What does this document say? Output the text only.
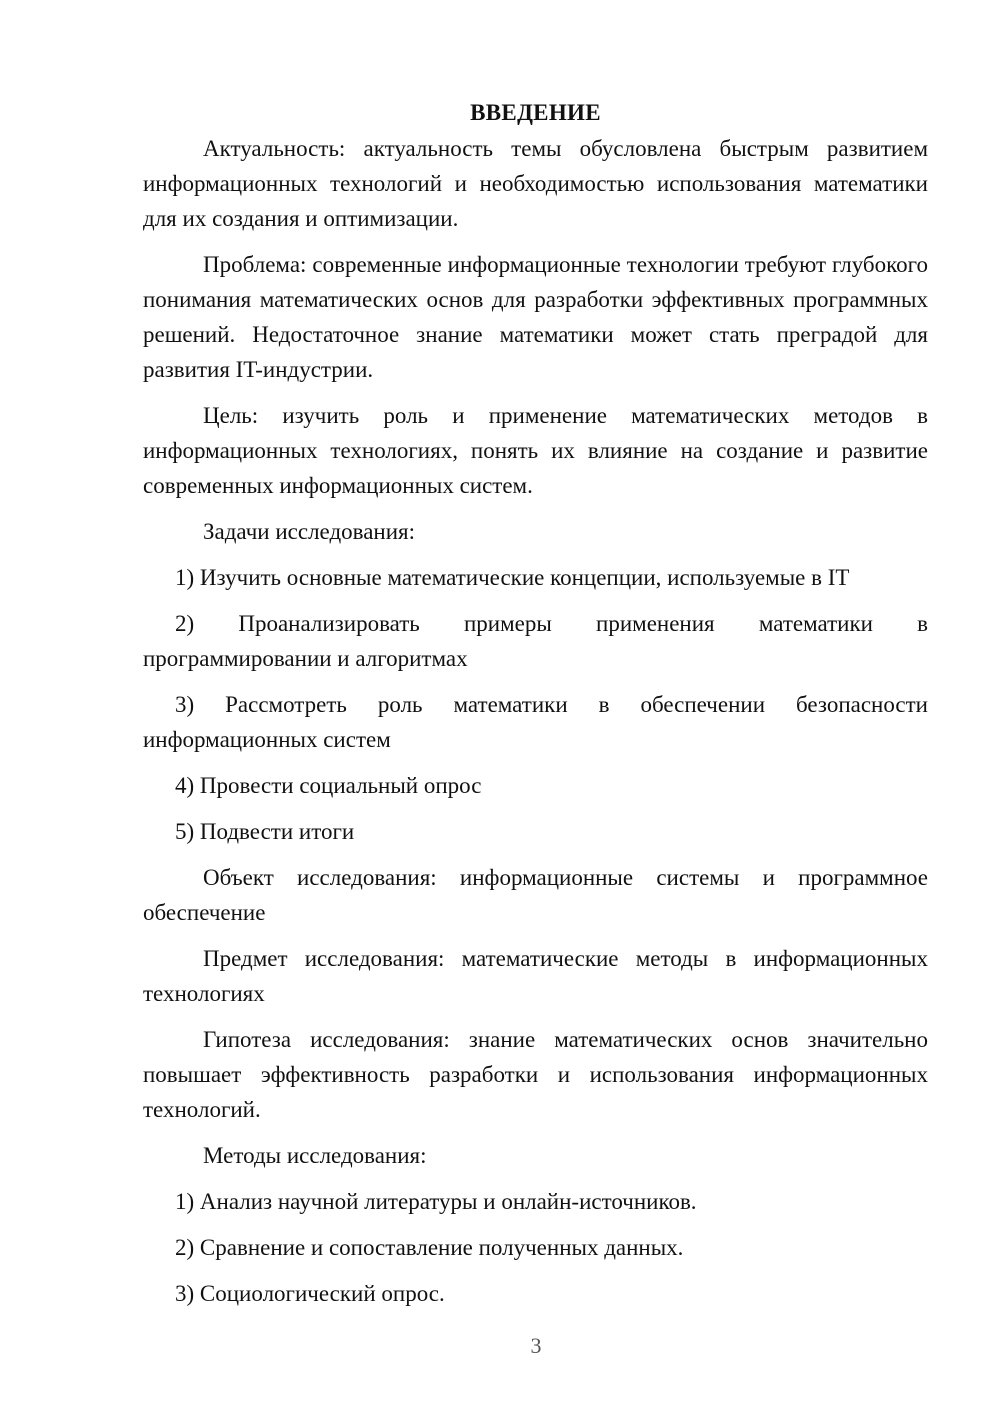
ВВЕДЕНИЕ

Актуальность: актуальность темы обусловлена быстрым развитием информационных технологий и необходимостью использования математики для их создания и оптимизации.

Проблема: современные информационные технологии требуют глубокого понимания математических основ для разработки эффективных программных решений. Недостаточное знание математики может стать преградой для развития IT-индустрии.

Цель: изучить роль и применение математических методов в информационных технологиях, понять их влияние на создание и развитие современных информационных систем.

Задачи исследования:

1) Изучить основные математические концепции, используемые в IT

2) Проанализировать примеры применения математики в программировании и алгоритмах

3) Рассмотреть роль математики в обеспечении безопасности информационных систем

4) Провести социальный опрос

5) Подвести итоги

Объект исследования: информационные системы и программное обеспечение

Предмет исследования: математические методы в информационных технологиях

Гипотеза исследования: знание математических основ значительно повышает эффективность разработки и использования информационных технологий.

Методы исследования:

1) Анализ научной литературы и онлайн-источников.

2) Сравнение и сопоставление полученных данных.

3) Социологический опрос.

3
